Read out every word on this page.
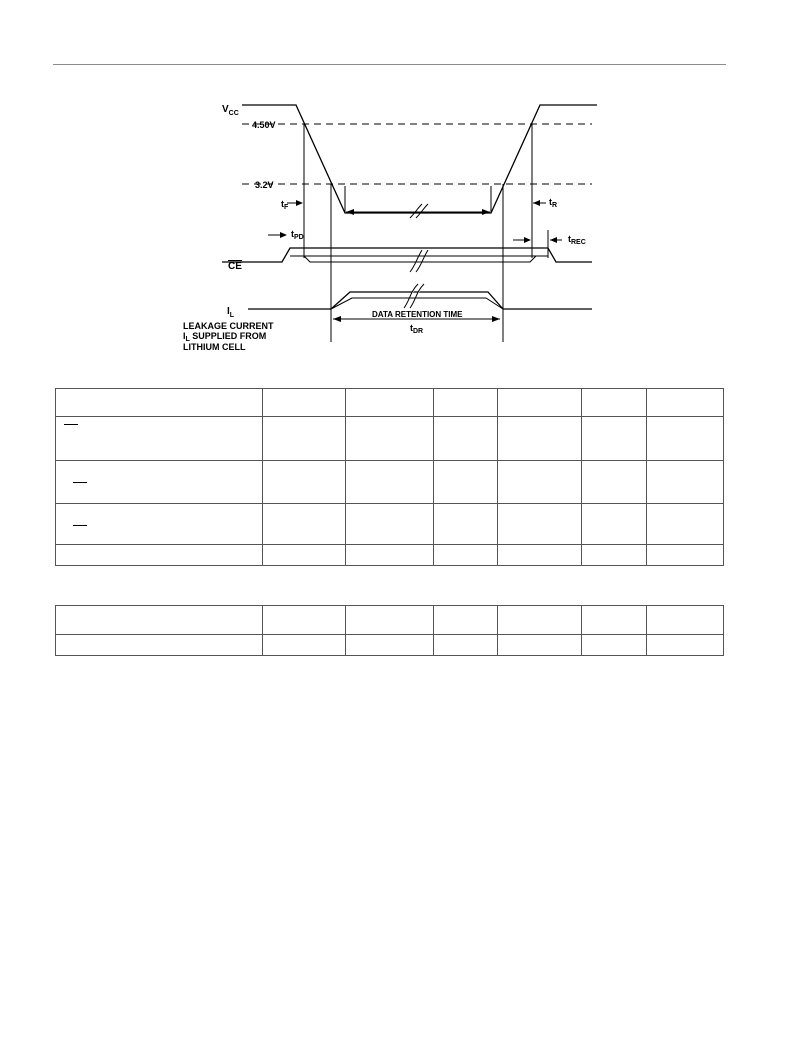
$V_{CC}$
4.50V
3.2V
$t_F$
$t_R$
$t_{PD}$	$t_{REC}$
CE
$I_L$	DATA RETENTION TIME
$t_{DR}$
LEAKAGE CURRENT
$I_L$ SUPPLIED FROM
LITHIUM CELL
